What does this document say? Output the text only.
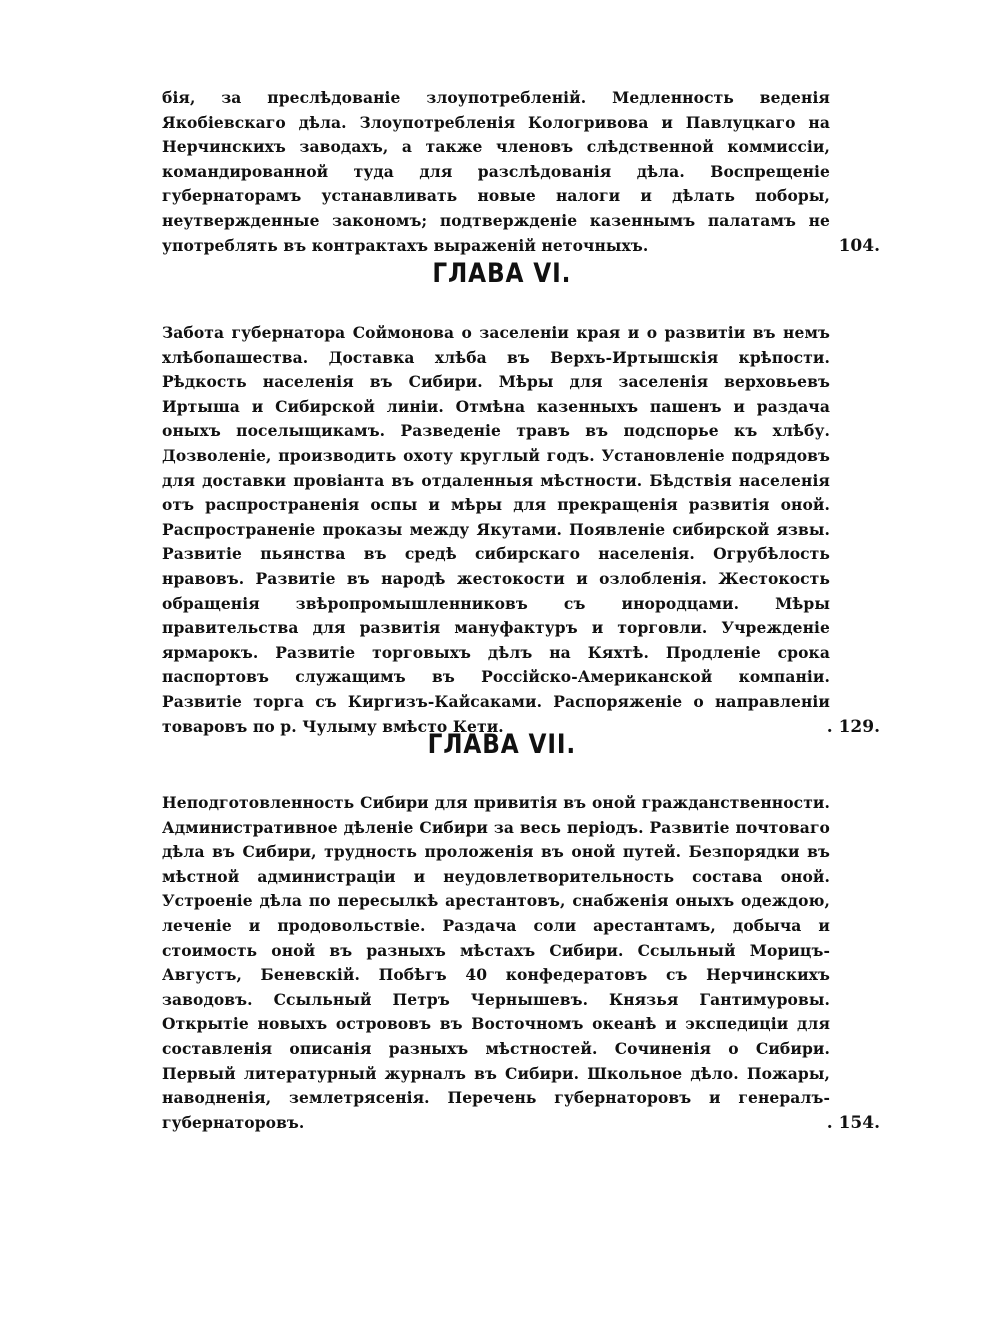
бія, за преслѣдованіе злоупотребленій. Медленность веденія Якобіевскаго дѣла. Злоупотребленія Кологривова и Павлуцкаго на Нерчинскихъ заводахъ, а также членовъ слѣдственной коммиссіи, командированной туда для разслѣдованія дѣла. Воспрещеніе губернаторамъ устанавливать новые налоги и дѣлать поборы, неутвержденные закономъ; подтвержденіе казеннымъ палатамъ не употреблять въ контрактахъ выраженій неточныхъ.	104.
ГЛАВА VI.

Забота губернатора Соймонова о заселеніи края и о развитіи въ немъ хлѣбопашества. Доставка хлѣба въ Верхъ-Иртышскія крѣпости. Рѣдкость населенія въ Сибири. Мѣры для заселенія верховьевъ Иртыша и Сибирской линіи. Отмѣна казенныхъ пашенъ и раздача оныхъ поселыщикамъ. Разведеніе травъ въ подспорье къ хлѣбу. Дозволеніе, производить охоту круглый годъ. Установленіе подрядовъ для доставки провіанта въ отдаленныя мѣстности. Бѣдствія населенія отъ распространенія оспы и мѣры для прекращенія развитія оной. Распространеніе проказы между Якутами. Появленіе сибирской язвы. Развитіе пьянства въ средѣ сибирскаго населенія. Огрубѣлость нравовъ. Развитіе въ народѣ жестокости и озлобленія. Жестокость обращенія звѣропромышленниковъ съ инородцами. Мѣры правительства для развитія мануфактуръ и торговли. Учрежденіе ярмарокъ. Развитіе торговыхъ дѣлъ на Кяхтѣ. Продленіе срока паспортовъ служащимъ въ Россійско-Американской компаніи. Развитіе торга съ Киргизъ-Кайсаками. Распоряженіе о направленіи товаровъ по р. Чулыму вмѣсто Кети.	. 129.
ГЛАВА VII.

Неподготовленность Сибири для привитія въ оной гражданственности. Административное дѣленіе Сибири за весь періодъ. Развитіе почтоваго дѣла въ Сибири, трудность проложенія въ оной путей. Безпорядки въ мѣстной администраціи и неудовлетворительность состава оной. Устроеніе дѣла по пересылкѣ арестантовъ, снабженія оныхъ одеждою, леченіе и продовольствіе. Раздача соли арестантамъ, добыча и стоимость оной въ разныхъ мѣстахъ Сибири. Ссыльный Морицъ-Августъ, Беневскій. Побѣгъ 40 конфедератовъ съ Нерчинскихъ заводовъ. Ссыльный Петръ Чернышевъ. Князья Гантимуровы. Открытіе новыхъ острововъ въ Восточномъ океанѣ и экспедиціи для составленія описанія разныхъ мѣстностей. Сочиненія о Сибири. Первый литературный журналъ въ Сибири. Школьное дѣло. Пожары, наводненія, землетрясенія. Перечень губернаторовъ и генералъ-губернаторовъ.	. 154.
